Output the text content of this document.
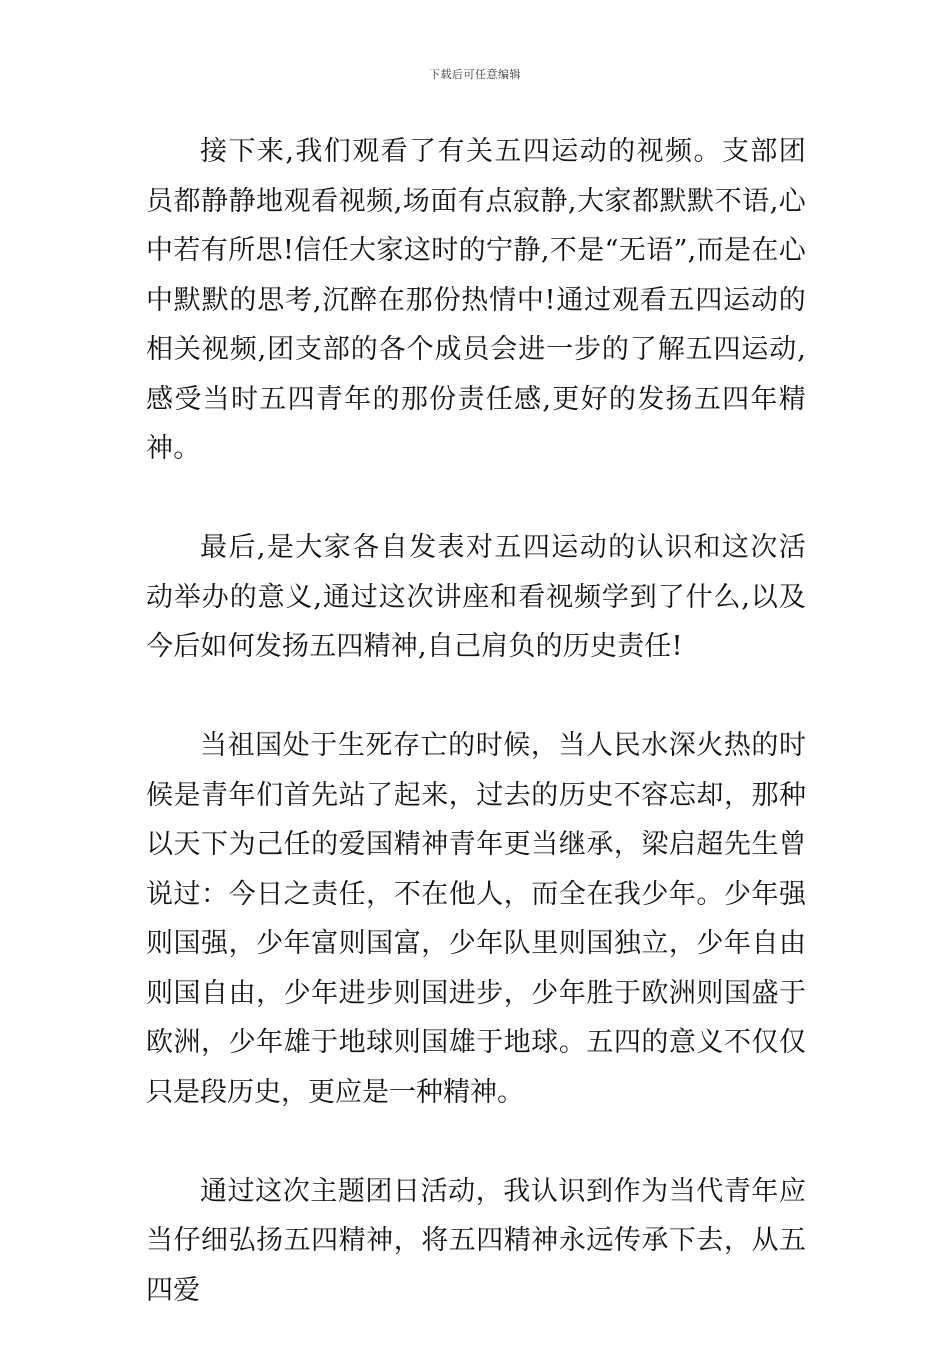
下载后可任意编辑

接下来,我们观看了有关五四运动的视频。支部团员都静静地观看视频,场面有点寂静,大家都默默不语,心中若有所思!信任大家这时的宁静,不是“无语”,而是在心中默默的思考,沉醉在那份热情中!通过观看五四运动的相关视频,团支部的各个成员会进一步的了解五四运动,感受当时五四青年的那份责任感,更好的发扬五四年精神。

最后,是大家各自发表对五四运动的认识和这次活动举办的意义,通过这次讲座和看视频学到了什么,以及今后如何发扬五四精神,自己肩负的历史责任!

当祖国处于生死存亡的时候，当人民水深火热的时候是青年们首先站了起来，过去的历史不容忘却，那种以天下为己任的爱国精神青年更当继承，梁启超先生曾说过：今日之责任，不在他人，而全在我少年。少年强则国强，少年富则国富，少年队里则国独立，少年自由则国自由，少年进步则国进步，少年胜于欧洲则国盛于欧洲，少年雄于地球则国雄于地球。五四的意义不仅仅只是段历史，更应是一种精神。

通过这次主题团日活动，我认识到作为当代青年应当仔细弘扬五四精神，将五四精神永远传承下去，从五四爱
